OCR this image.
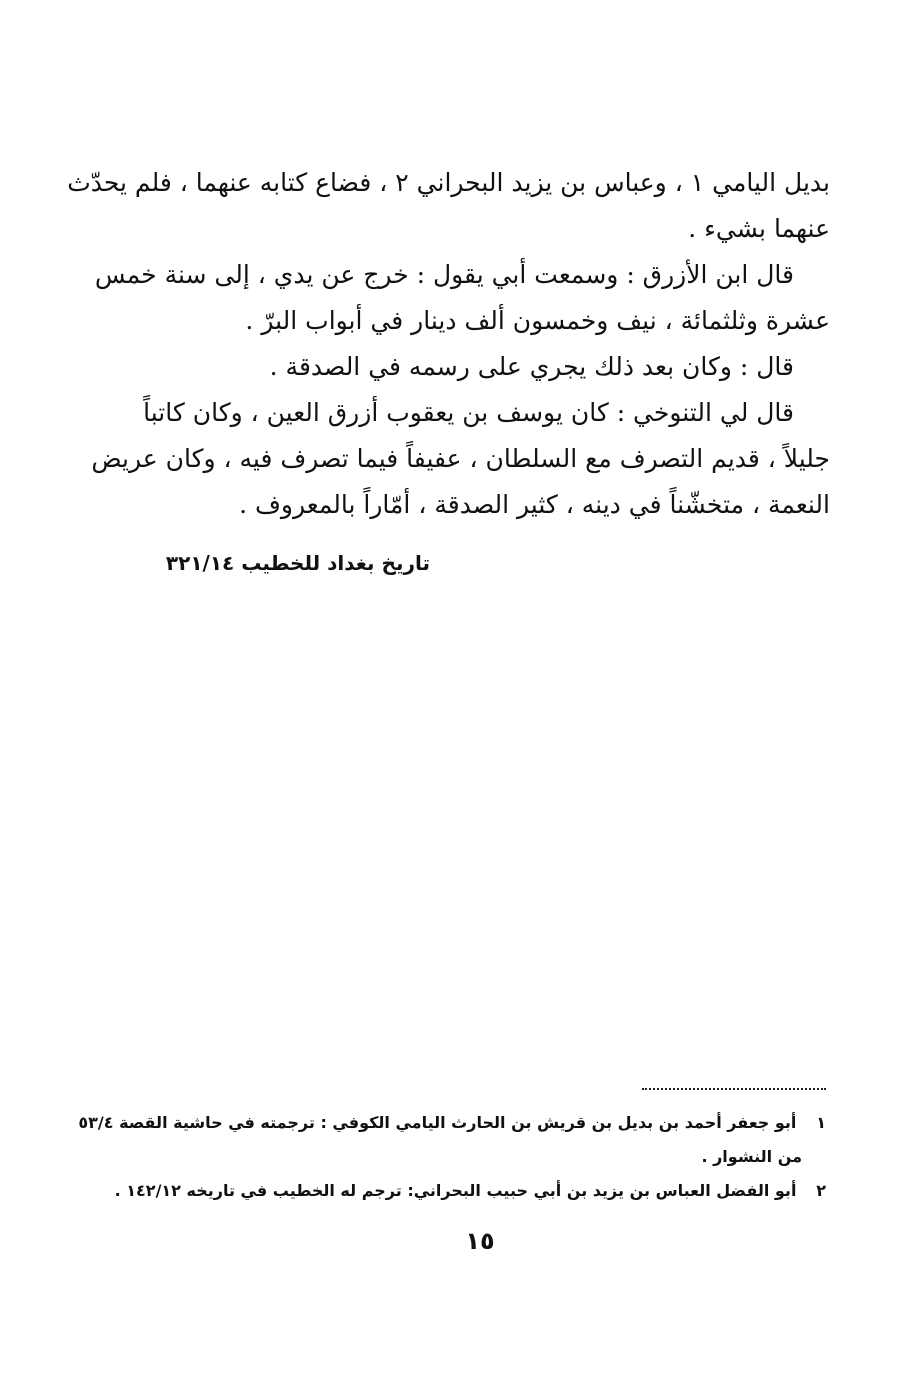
بديل اليامي ١ ، وعباس بن يزيد البحراني ٢ ، فضاع كتابه عنهما ، فلم يحدّث
عنهما بشيء .
قال ابن الأزرق : وسمعت أبي يقول : خرج عن يدي ، إلى سنة خمس
عشرة وثلثمائة ، نيف وخمسون ألف دينار في أبواب البرّ .
قال : وكان بعد ذلك يجري على رسمه في الصدقة .
قال لي التنوخي : كان يوسف بن يعقوب أزرق العين ، وكان كاتباً
جليلاً ، قديم التصرف مع السلطان ، عفيفاً فيما تصرف فيه ، وكان عريض
النعمة ، متخشّناً في دينه ، كثير الصدقة ، أمّاراً بالمعروف .
تاريخ بغداد للخطيب ٣٢١/١٤
١ أبو جعفر أحمد بن بديل بن قريش بن الحارث اليامي الكوفي : ترجمته في حاشية القصة ٥٣/٤
من النشوار .
٢ أبو الفضل العباس بن يزيد بن أبي حبيب البحراني: ترجم له الخطيب في تاريخه ١٤٢/١٢ .
١٥
